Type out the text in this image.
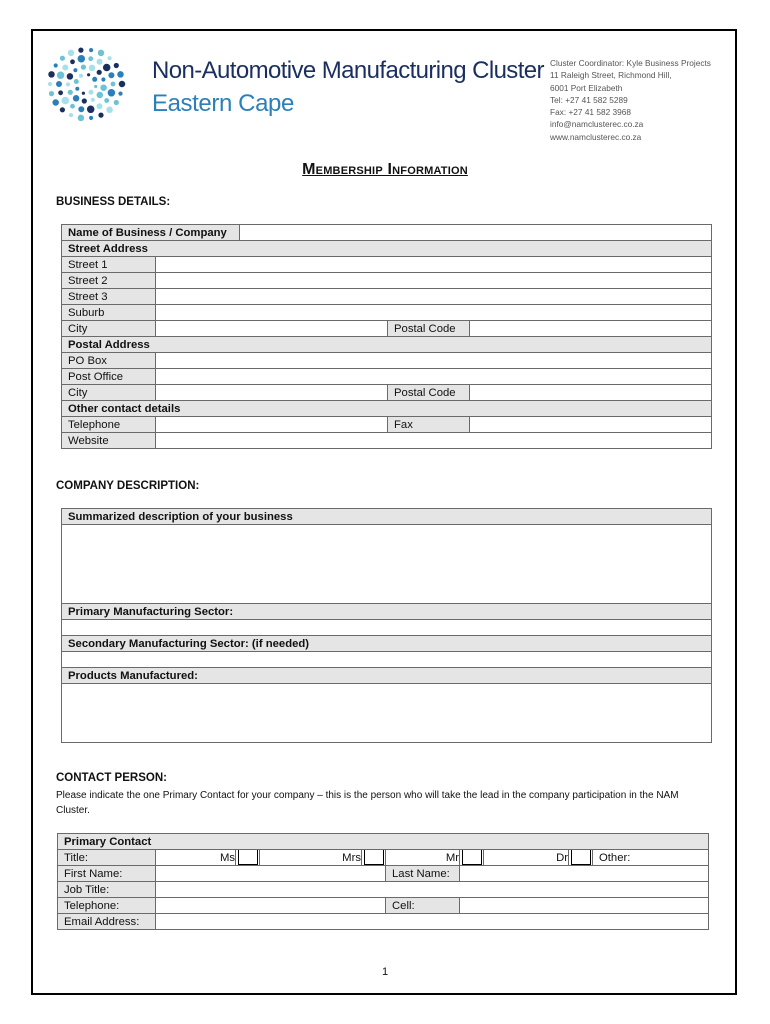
Non-Automotive Manufacturing Cluster
Eastern Cape
Cluster Coordinator: Kyle Business Projects
11 Raleigh Street, Richmond Hill,
6001 Port Elizabeth
Tel: +27 41 582 5289
Fax: +27 41 582 3968
info@namclusterec.co.za
www.namclusterec.co.za
Membership Information
BUSINESS DETAILS:
Name of Business / Company				
Street Address				
Street 1				
Street 2				
Street 3				
Suburb				
City			Postal Code	
Postal Address				
PO Box				
Post Office				
City			Postal Code	
Other contact details				
Telephone			Fax	
Website				
COMPANY DESCRIPTION:
Summarized description of your business

Primary Manufacturing Sector:

Secondary Manufacturing Sector: (if needed)

Products Manufactured:

CONTACT PERSON:
Please indicate the one Primary Contact for your company – this is the person who will take the lead in the company participation in the NAM Cluster.
Primary Contact									
Title:	Ms		Mrs		Mr		Dr		Other:
First Name:					Last Name:				
Job Title:									
Telephone:					Cell:				
Email Address:									
1
